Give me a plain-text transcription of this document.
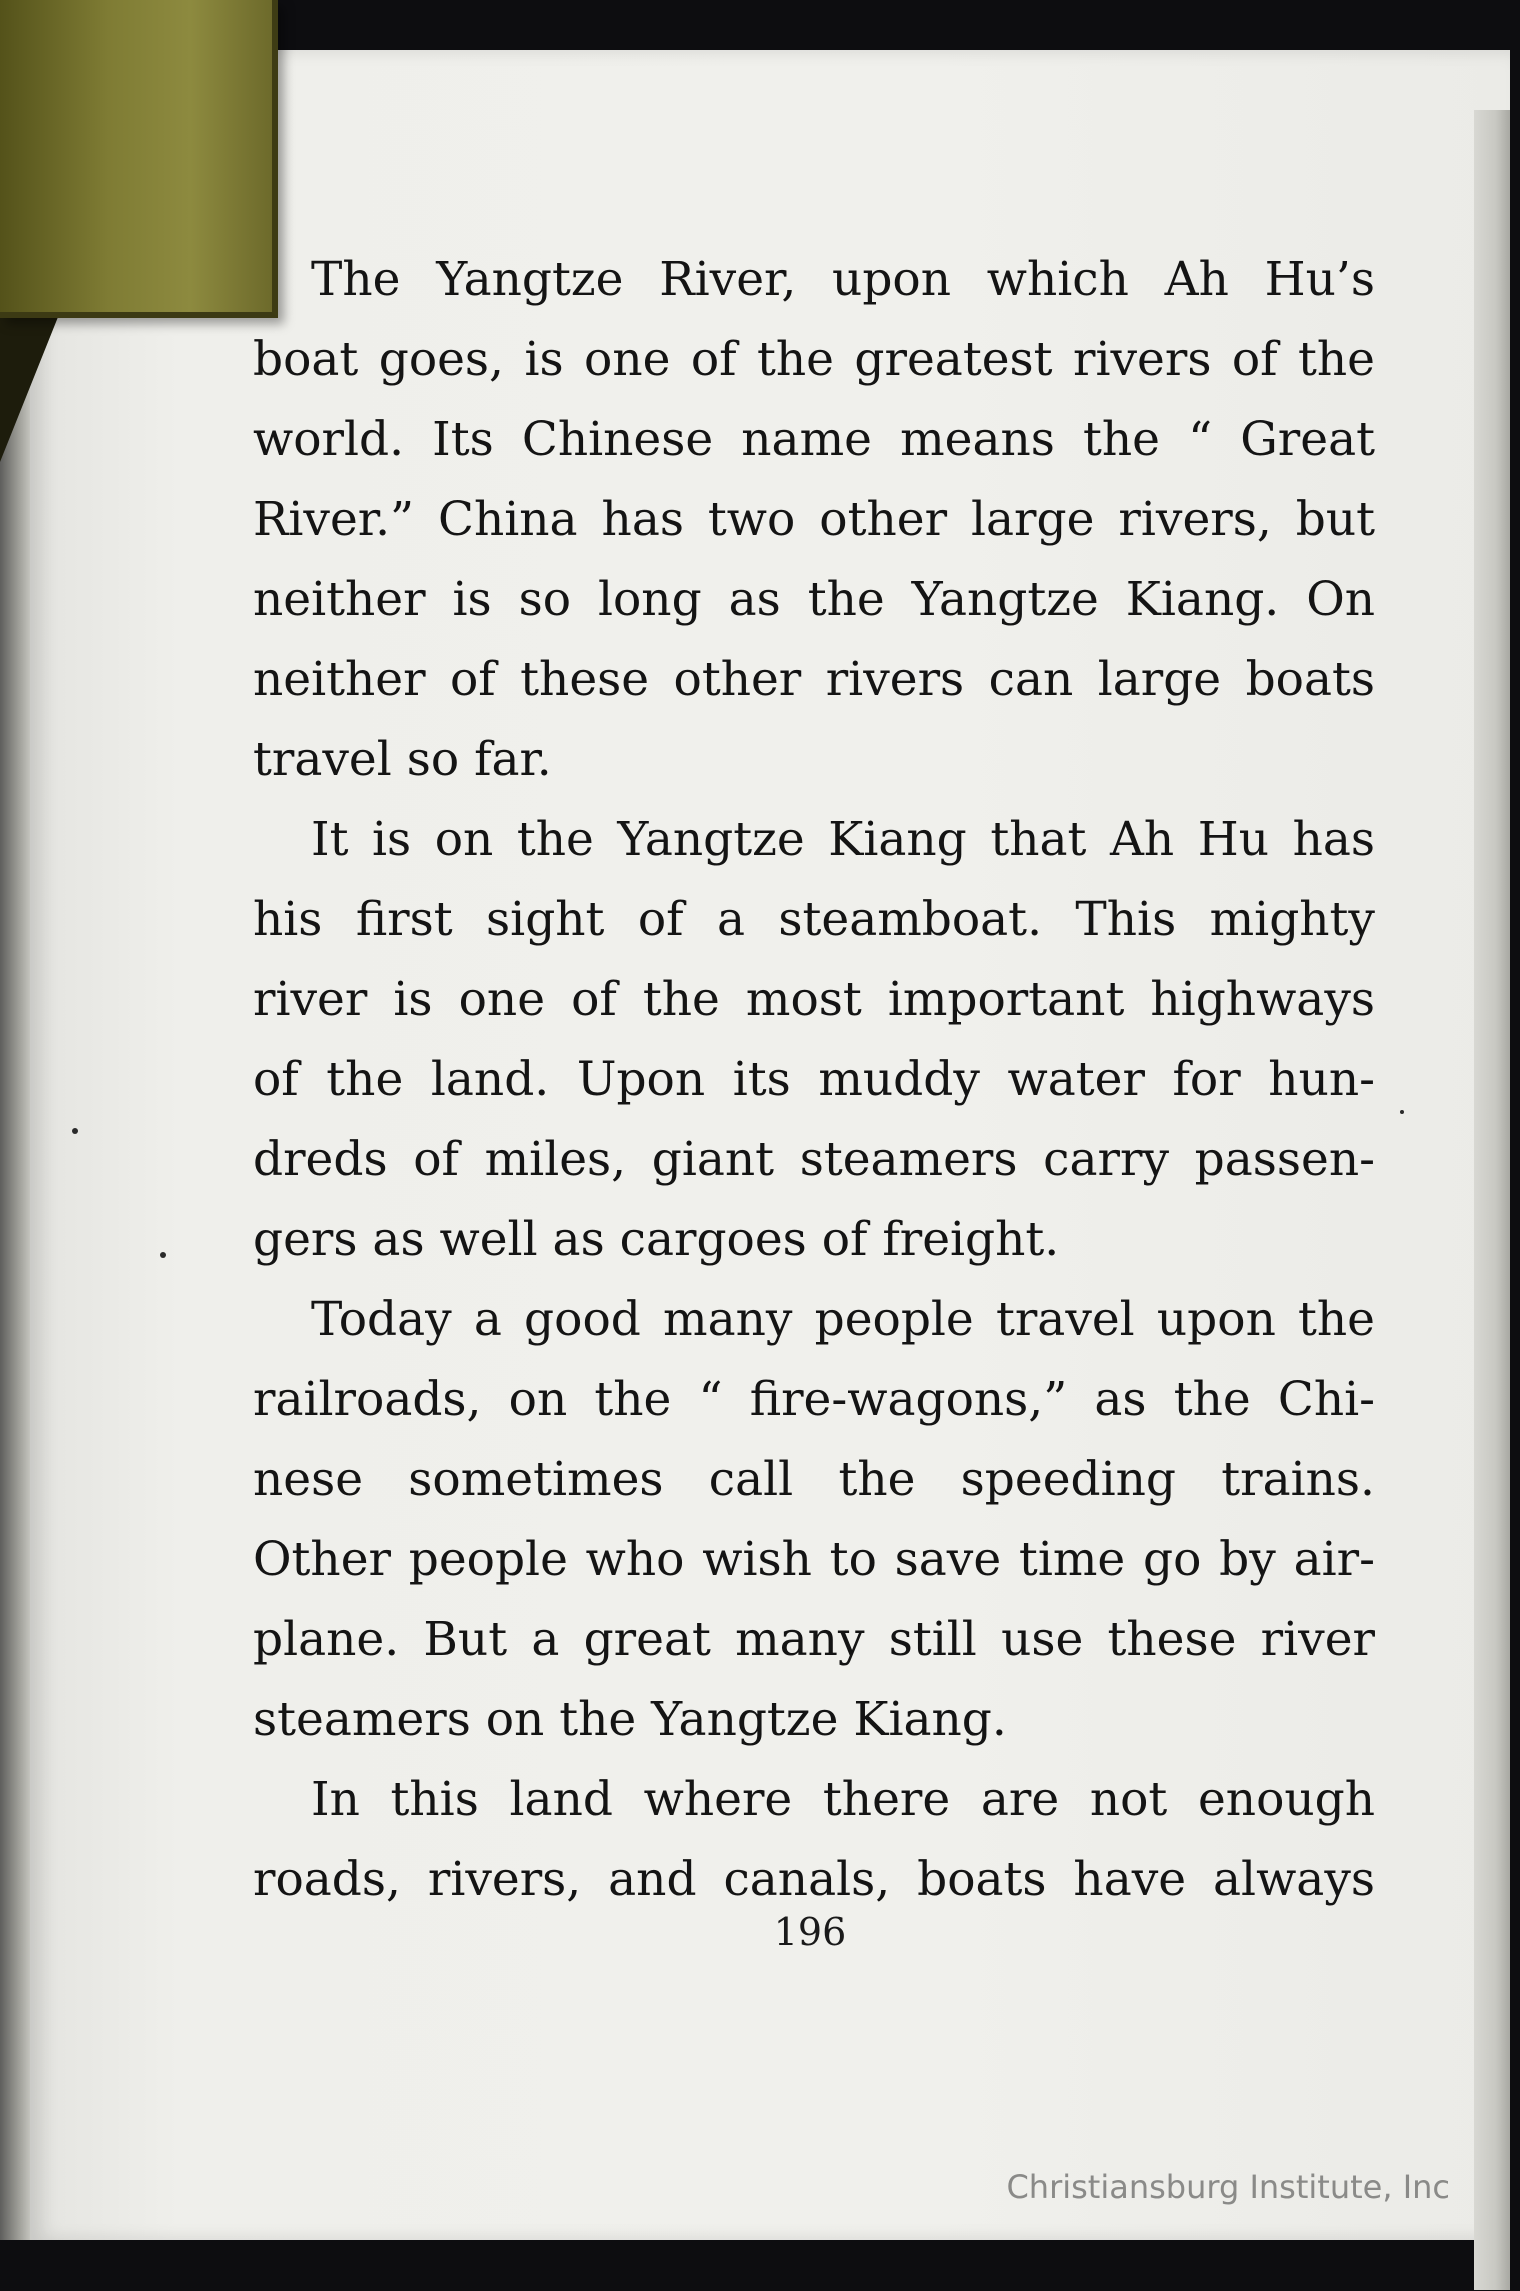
The Yangtze River, upon which Ah Hu’s
boat goes, is one of the greatest rivers of the
world. Its Chinese name means the “ Great
River.” China has two other large rivers, but
neither is so long as the Yangtze Kiang. On
neither of these other rivers can large boats
travel so far.
It is on the Yangtze Kiang that Ah Hu has
his first sight of a steamboat. This mighty
river is one of the most important highways
of the land. Upon its muddy water for hun-
dreds of miles, giant steamers carry passen-
gers as well as cargoes of freight.
Today a good many people travel upon the
railroads, on the “ fire-wagons,” as the Chi-
nese sometimes call the speeding trains.
Other people who wish to save time go by air-
plane. But a great many still use these river
steamers on the Yangtze Kiang.
In this land where there are not enough
roads, rivers, and canals, boats have always
196
Christiansburg Institute, Inc
